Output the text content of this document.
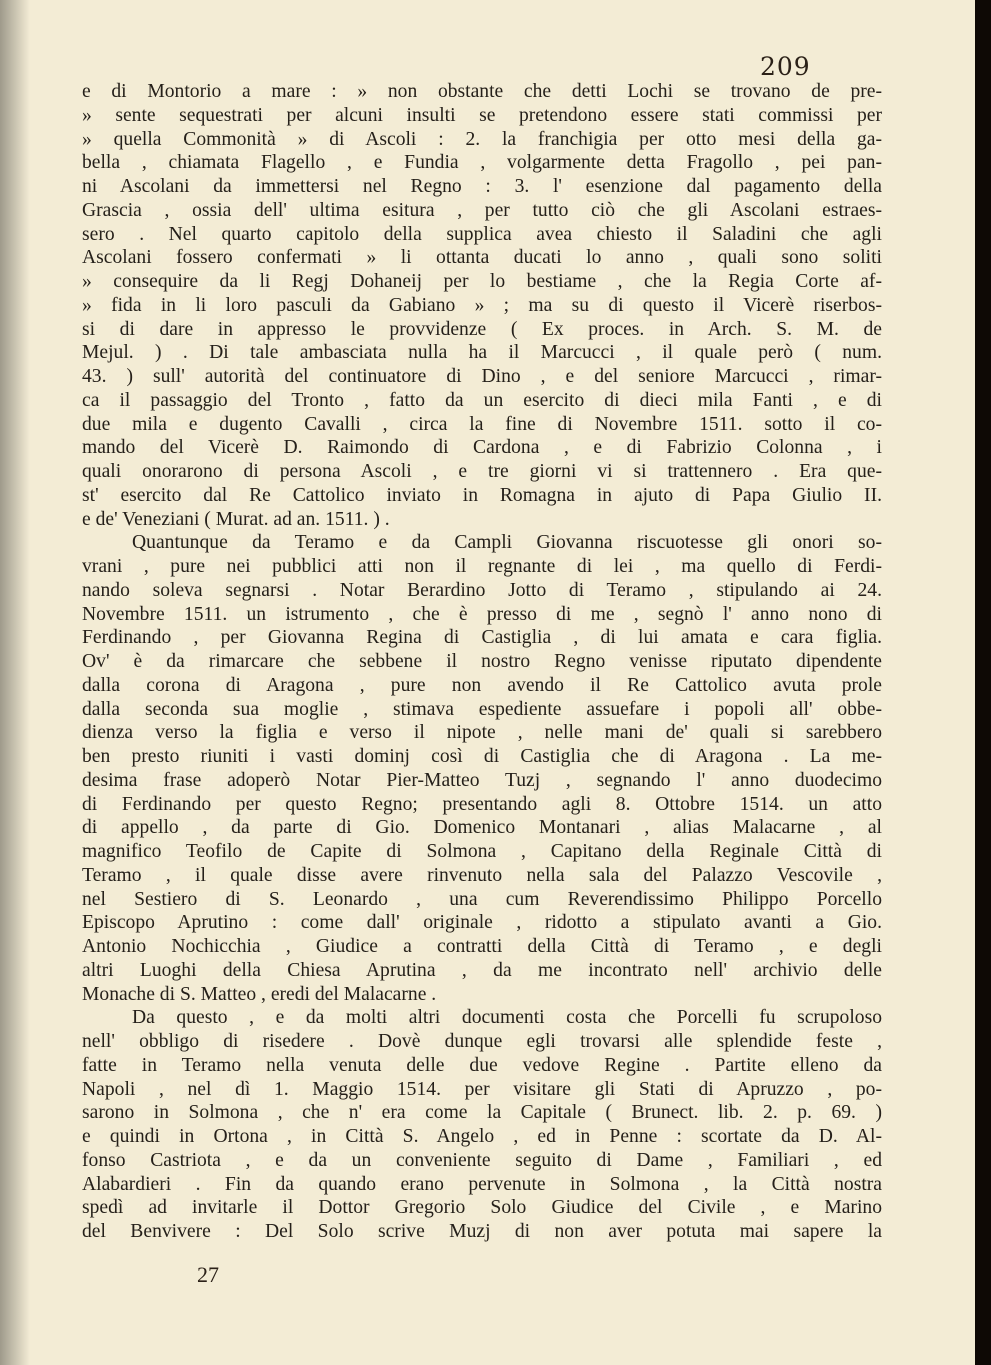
209
e di Montorio a mare : » non obstante che detti Lochi se trovano de pre-
» sente sequestrati per alcuni insulti se pretendono essere stati commissi per
» quella Commonità » di Ascoli : 2. la franchigia per otto mesi della ga-
bella , chiamata Flagello , e Fundia , volgarmente detta Fragollo , pei pan-
ni Ascolani da immettersi nel Regno : 3. l' esenzione dal pagamento della
Grascia , ossia dell' ultima esitura , per tutto ciò che gli Ascolani estraes-
sero . Nel quarto capitolo della supplica avea chiesto il Saladini che agli
Ascolani fossero confermati » li ottanta ducati lo anno , quali sono soliti
» consequire da li Regj Dohaneij per lo bestiame , che la Regia Corte af-
» fida in li loro pasculi da Gabiano » ; ma su di questo il Vicerè riserbos-
si di dare in appresso le provvidenze ( Ex proces. in Arch. S. M. de
Mejul. ) . Di tale ambasciata nulla ha il Marcucci , il quale però ( num.
43. ) sull' autorità del continuatore di Dino , e del seniore Marcucci , rimar-
ca il passaggio del Tronto , fatto da un esercito di dieci mila Fanti , e di
due mila e dugento Cavalli , circa la fine di Novembre 1511. sotto il co-
mando del Vicerè D. Raimondo di Cardona , e di Fabrizio Colonna , i
quali onorarono di persona Ascoli , e tre giorni vi si trattennero . Era que-
st' esercito dal Re Cattolico inviato in Romagna in ajuto di Papa Giulio II.
e de' Veneziani ( Murat. ad an. 1511. ) .
Quantunque da Teramo e da Campli Giovanna riscuotesse gli onori so-
vrani , pure nei pubblici atti non il regnante di lei , ma quello di Ferdi-
nando soleva segnarsi . Notar Berardino Jotto di Teramo , stipulando ai 24.
Novembre 1511. un istrumento , che è presso di me , segnò l' anno nono di
Ferdinando , per Giovanna Regina di Castiglia , di lui amata e cara figlia.
Ov' è da rimarcare che sebbene il nostro Regno venisse riputato dipendente
dalla corona di Aragona , pure non avendo il Re Cattolico avuta prole
dalla seconda sua moglie , stimava espediente assuefare i popoli all' obbe-
dienza verso la figlia e verso il nipote , nelle mani de' quali si sarebbero
ben presto riuniti i vasti dominj così di Castiglia che di Aragona . La me-
desima frase adoperò Notar Pier-Matteo Tuzj , segnando l' anno duodecimo
di Ferdinando per questo Regno; presentando agli 8. Ottobre 1514. un atto
di appello , da parte di Gio. Domenico Montanari , alias Malacarne , al
magnifico Teofilo de Capite di Solmona , Capitano della Reginale Città di
Teramo , il quale disse avere rinvenuto nella sala del Palazzo Vescovile ,
nel Sestiero di S. Leonardo , una cum Reverendissimo Philippo Porcello
Episcopo Aprutino : come dall' originale , ridotto a stipulato avanti a Gio.
Antonio Nochicchia , Giudice a contratti della Città di Teramo , e degli
altri Luoghi della Chiesa Aprutina , da me incontrato nell' archivio delle
Monache di S. Matteo , eredi del Malacarne .
Da questo , e da molti altri documenti costa che Porcelli fu scrupoloso
nell' obbligo di risedere . Dovè dunque egli trovarsi alle splendide feste ,
fatte in Teramo nella venuta delle due vedove Regine . Partite elleno da
Napoli , nel dì 1. Maggio 1514. per visitare gli Stati di Apruzzo , po-
sarono in Solmona , che n' era come la Capitale ( Brunect. lib. 2. p. 69. )
e quindi in Ortona , in Città S. Angelo , ed in Penne : scortate da D. Al-
fonso Castriota , e da un conveniente seguito di Dame , Familiari , ed
Alabardieri . Fin da quando erano pervenute in Solmona , la Città nostra
spedì ad invitarle il Dottor Gregorio Solo Giudice del Civile , e Marino
del Benvivere : Del Solo scrive Muzj di non aver potuta mai sapere la
27
